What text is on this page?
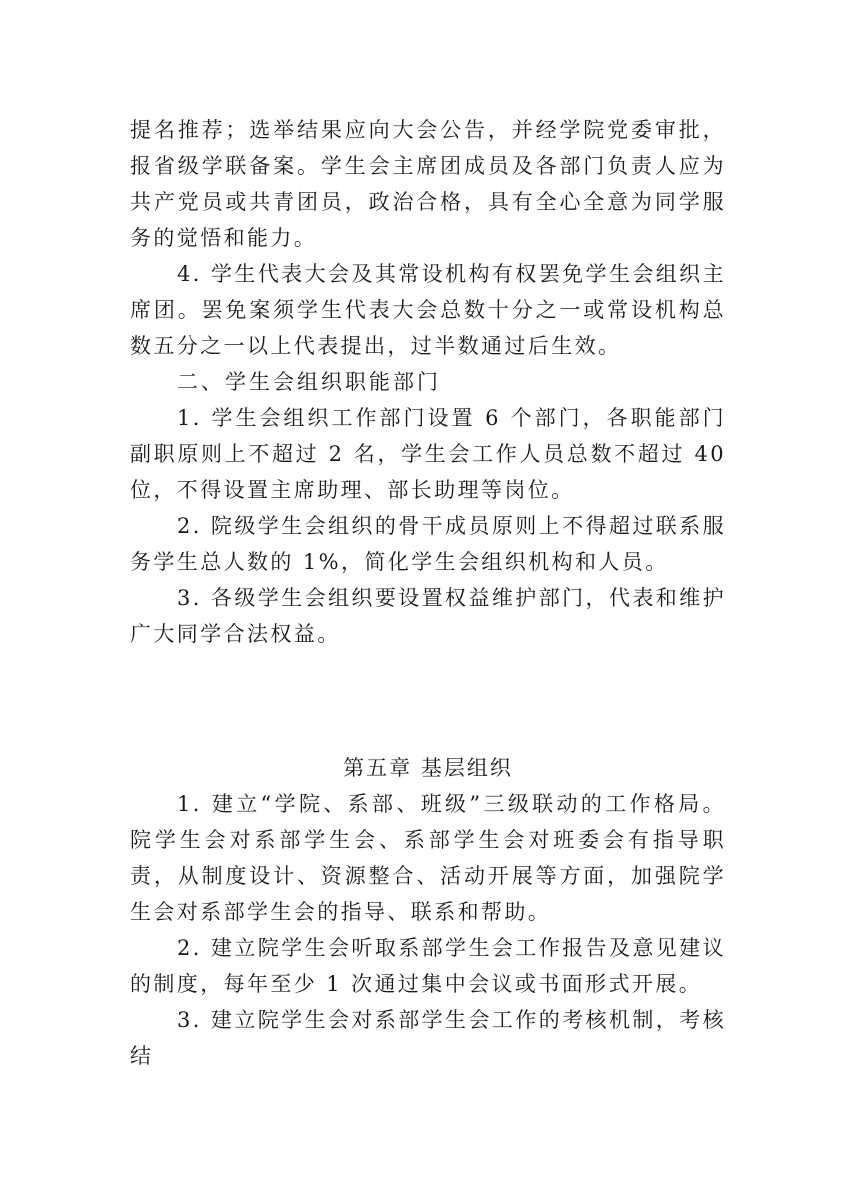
提名推荐；选举结果应向大会公告，并经学院党委审批，报省级学联备案。学生会主席团成员及各部门负责人应为共产党员或共青团员，政治合格，具有全心全意为同学服务的觉悟和能力。

4. 学生代表大会及其常设机构有权罢免学生会组织主席团。罢免案须学生代表大会总数十分之一或常设机构总数五分之一以上代表提出，过半数通过后生效。

二、学生会组织职能部门

1. 学生会组织工作部门设置 6 个部门，各职能部门副职原则上不超过 2 名，学生会工作人员总数不超过 40 位，不得设置主席助理、部长助理等岗位。

2. 院级学生会组织的骨干成员原则上不得超过联系服务学生总人数的 1%，简化学生会组织机构和人员。

3. 各级学生会组织要设置权益维护部门，代表和维护广大同学合法权益。

第五章 基层组织

1. 建立“学院、系部、班级”三级联动的工作格局。院学生会对系部学生会、系部学生会对班委会有指导职责，从制度设计、资源整合、活动开展等方面，加强院学生会对系部学生会的指导、联系和帮助。

2. 建立院学生会听取系部学生会工作报告及意见建议的制度，每年至少 1 次通过集中会议或书面形式开展。

3. 建立院学生会对系部学生会工作的考核机制，考核结
